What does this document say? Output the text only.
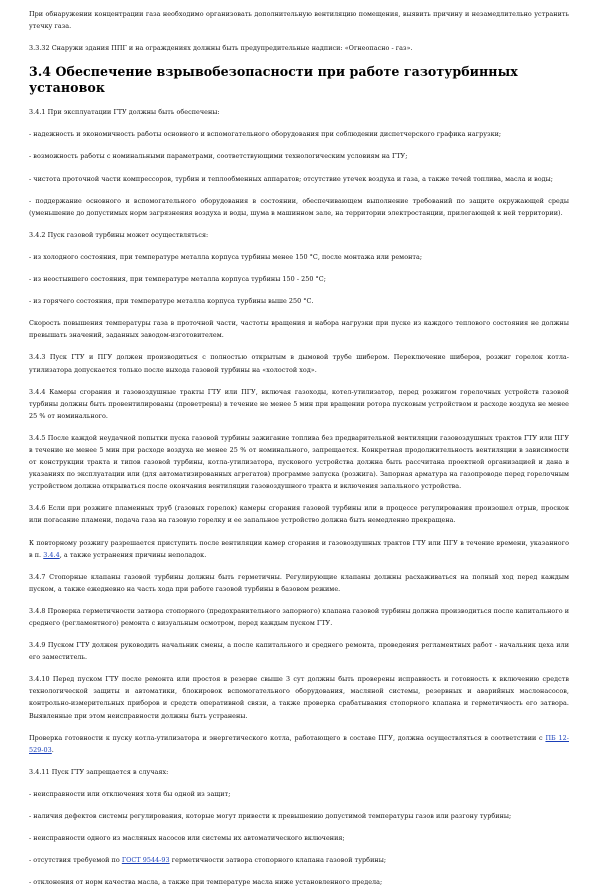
При обнаружении концентрации газа необходимо организовать дополнительную вентиляцию помещения, выявить причину и незамедлительно устранить утечку газа.

3.3.32 Снаружи здания ППГ и на ограждениях должны быть предупредительные надписи: «Огнеопасно - газ».

3.4 Обеспечение взрывобезопасности при работе газотурбинных установок

3.4.1 При эксплуатации ГТУ должны быть обеспечены:

- надежность и экономичность работы основного и вспомогательного оборудования при соблюдении диспетчерского графика нагрузки;

- возможность работы с номинальными параметрами, соответствующими технологическим условиям на ГТУ;

- чистота проточной части компрессоров, турбин и теплообменных аппаратов; отсутствие утечек воздуха и газа, а также течей топлива, масла и воды;

- поддержание основного и вспомогательного оборудования в состоянии, обеспечивающем выполнение требований по защите окружающей среды (уменьшение до допустимых норм загрязнения воздуха и воды, шума в машинном зале, на территории электростанции, прилегающей к ней территории).

3.4.2 Пуск газовой турбины может осуществляться:

- из холодного состояния, при температуре металла корпуса турбины менее 150 °С, после монтажа или ремонта;

- из неостывшего состояния, при температуре металла корпуса турбины 150 - 250 °С;

- из горячего состояния, при температуре металла корпуса турбины выше 250 °С.

Скорость повышения температуры газа в проточной части, частоты вращения и набора нагрузки при пуске из каждого теплового состояния не должны превышать значений, заданных заводом-изготовителем.

3.4.3 Пуск ГТУ и ПГУ должен производиться с полностью открытым в дымовой трубе шибером. Переключение шиберов, розжиг горелок котла-утилизатора допускается только после выхода газовой турбины на «холостой ход».

3.4.4 Камеры сгорания и газовоздушные тракты ГТУ или ПГУ, включая газоходы, котел-утилизатор, перед розжигом горелочных устройств газовой турбины должны быть провентилированы (проветрены) в течение не менее 5 мин при вращении ротора пусковым устройством и расходе воздуха не менее 25 % от номинального.

3.4.5 После каждой неудачной попытки пуска газовой турбины зажигание топлива без предварительной вентиляции газовоздушных трактов ГТУ или ПГУ в течение не менее 5 мин при расходе воздуха не менее 25 % от номинального, запрещается. Конкретная продолжительность вентиляции в зависимости от конструкции тракта и типов газовой турбины, котла-утилизатора, пускового устройства должна быть рассчитана проектной организацией и дана в указаниях по эксплуатации или (для автоматизированных агрегатов) программе запуска (розжига). Запорная арматура на газопроводе перед горелочным устройством должна открываться после окончания вентиляции газовоздушного тракта и включения запального устройства.

3.4.6 Если при розжиге пламенных труб (газовых горелок) камеры сгорания газовой турбины или в процессе регулирования произошел отрыв, проскок или погасание пламени, подача газа на газовую горелку и ее запальное устройство должна быть немедленно прекращена.

К повторному розжигу разрешается приступить после вентиляции камер сгорания и газовоздушных трактов ГТУ или ПГУ в течение времени, указанного в п. 3.4.4, а также устранения причины неполадок.

3.4.7 Стопорные клапаны газовой турбины должны быть герметичны. Регулирующие клапаны должны расхаживаться на полный ход перед каждым пуском, а также ежедневно на часть хода при работе газовой турбины в базовом режиме.

3.4.8 Проверка герметичности затвора стопорного (предохранительного запорного) клапана газовой турбины должна производиться после капитального и среднего (регламентного) ремонта с визуальным осмотром, перед каждым пуском ГТУ.

3.4.9 Пуском ГТУ должен руководить начальник смены, а после капитального и среднего ремонта, проведения регламентных работ - начальник цеха или его заместитель.

3.4.10 Перед пуском ГТУ после ремонта или простоя в резерве свыше 3 сут должны быть проверены исправность и готовность к включению средств технологической защиты и автоматики, блокировок вспомогательного оборудования, масляной системы, резервных и аварийных маслонасосов, контрольно-измерительных приборов и средств оперативной связи, а также проверка срабатывания стопорного клапана и герметичность его затвора. Выявленные при этом неисправности должны быть устранены.

Проверка готовности к пуску котла-утилизатора и энергетического котла, работающего в составе ПГУ, должна осуществляться в соответствии с ПБ 12-529-03.

3.4.11 Пуск ГТУ запрещается в случаях:

- неисправности или отключения хотя бы одной из защит;

- наличия дефектов системы регулирования, которые могут привести к превышению допустимой температуры газов или разгону турбины;

- неисправности одного из масляных насосов или системы их автоматического включения;

- отсутствия требуемой по ГОСТ 9544-93 герметичности затвора стопорного клапана газовой турбины;

- отклонения от норм качества масла, а также при температуре масла ниже установленного предела;
